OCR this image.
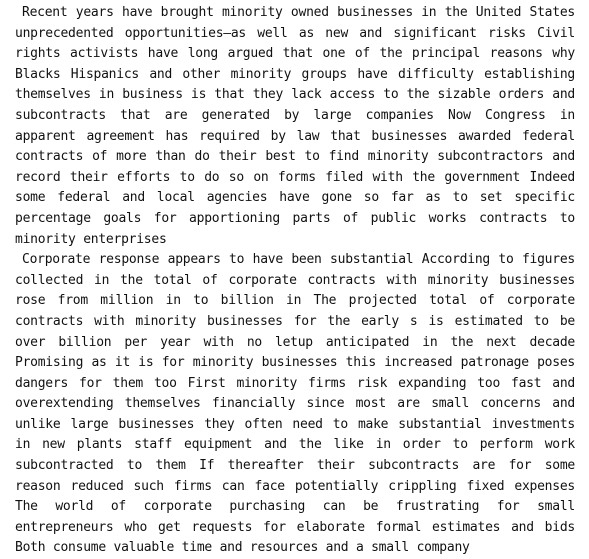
Recent years have brought minority owned businesses in the United States unprecedented opportunities—as well as new and significant risks Civil rights activists have long argued that one of the principal reasons why Blacks Hispanics and other minority groups have difficulty establishing themselves in business is that they lack access to the sizable orders and subcontracts that are generated by large companies Now Congress in apparent agreement has required by law that businesses awarded federal contracts of more than do their best to find minority subcontractors and record their efforts to do so on forms filed with the government Indeed some federal and local agencies have gone so far as to set specific percentage goals for apportioning parts of public works contracts to minority enterprises

Corporate response appears to have been substantial According to figures collected in the total of corporate contracts with minority businesses rose from million in to billion in The projected total of corporate contracts with minority businesses for the early s is estimated to be over billion per year with no letup anticipated in the next decade Promising as it is for minority businesses this increased patronage poses dangers for them too First minority firms risk expanding too fast and overextending themselves financially since most are small concerns and unlike large businesses they often need to make substantial investments in new plants staff equipment and the like in order to perform work subcontracted to them If thereafter their subcontracts are for some reason reduced such firms can face potentially crippling fixed expenses The world of corporate purchasing can be frustrating for small entrepreneurs who get requests for elaborate formal estimates and bids Both consume valuable time and resources and a small company
